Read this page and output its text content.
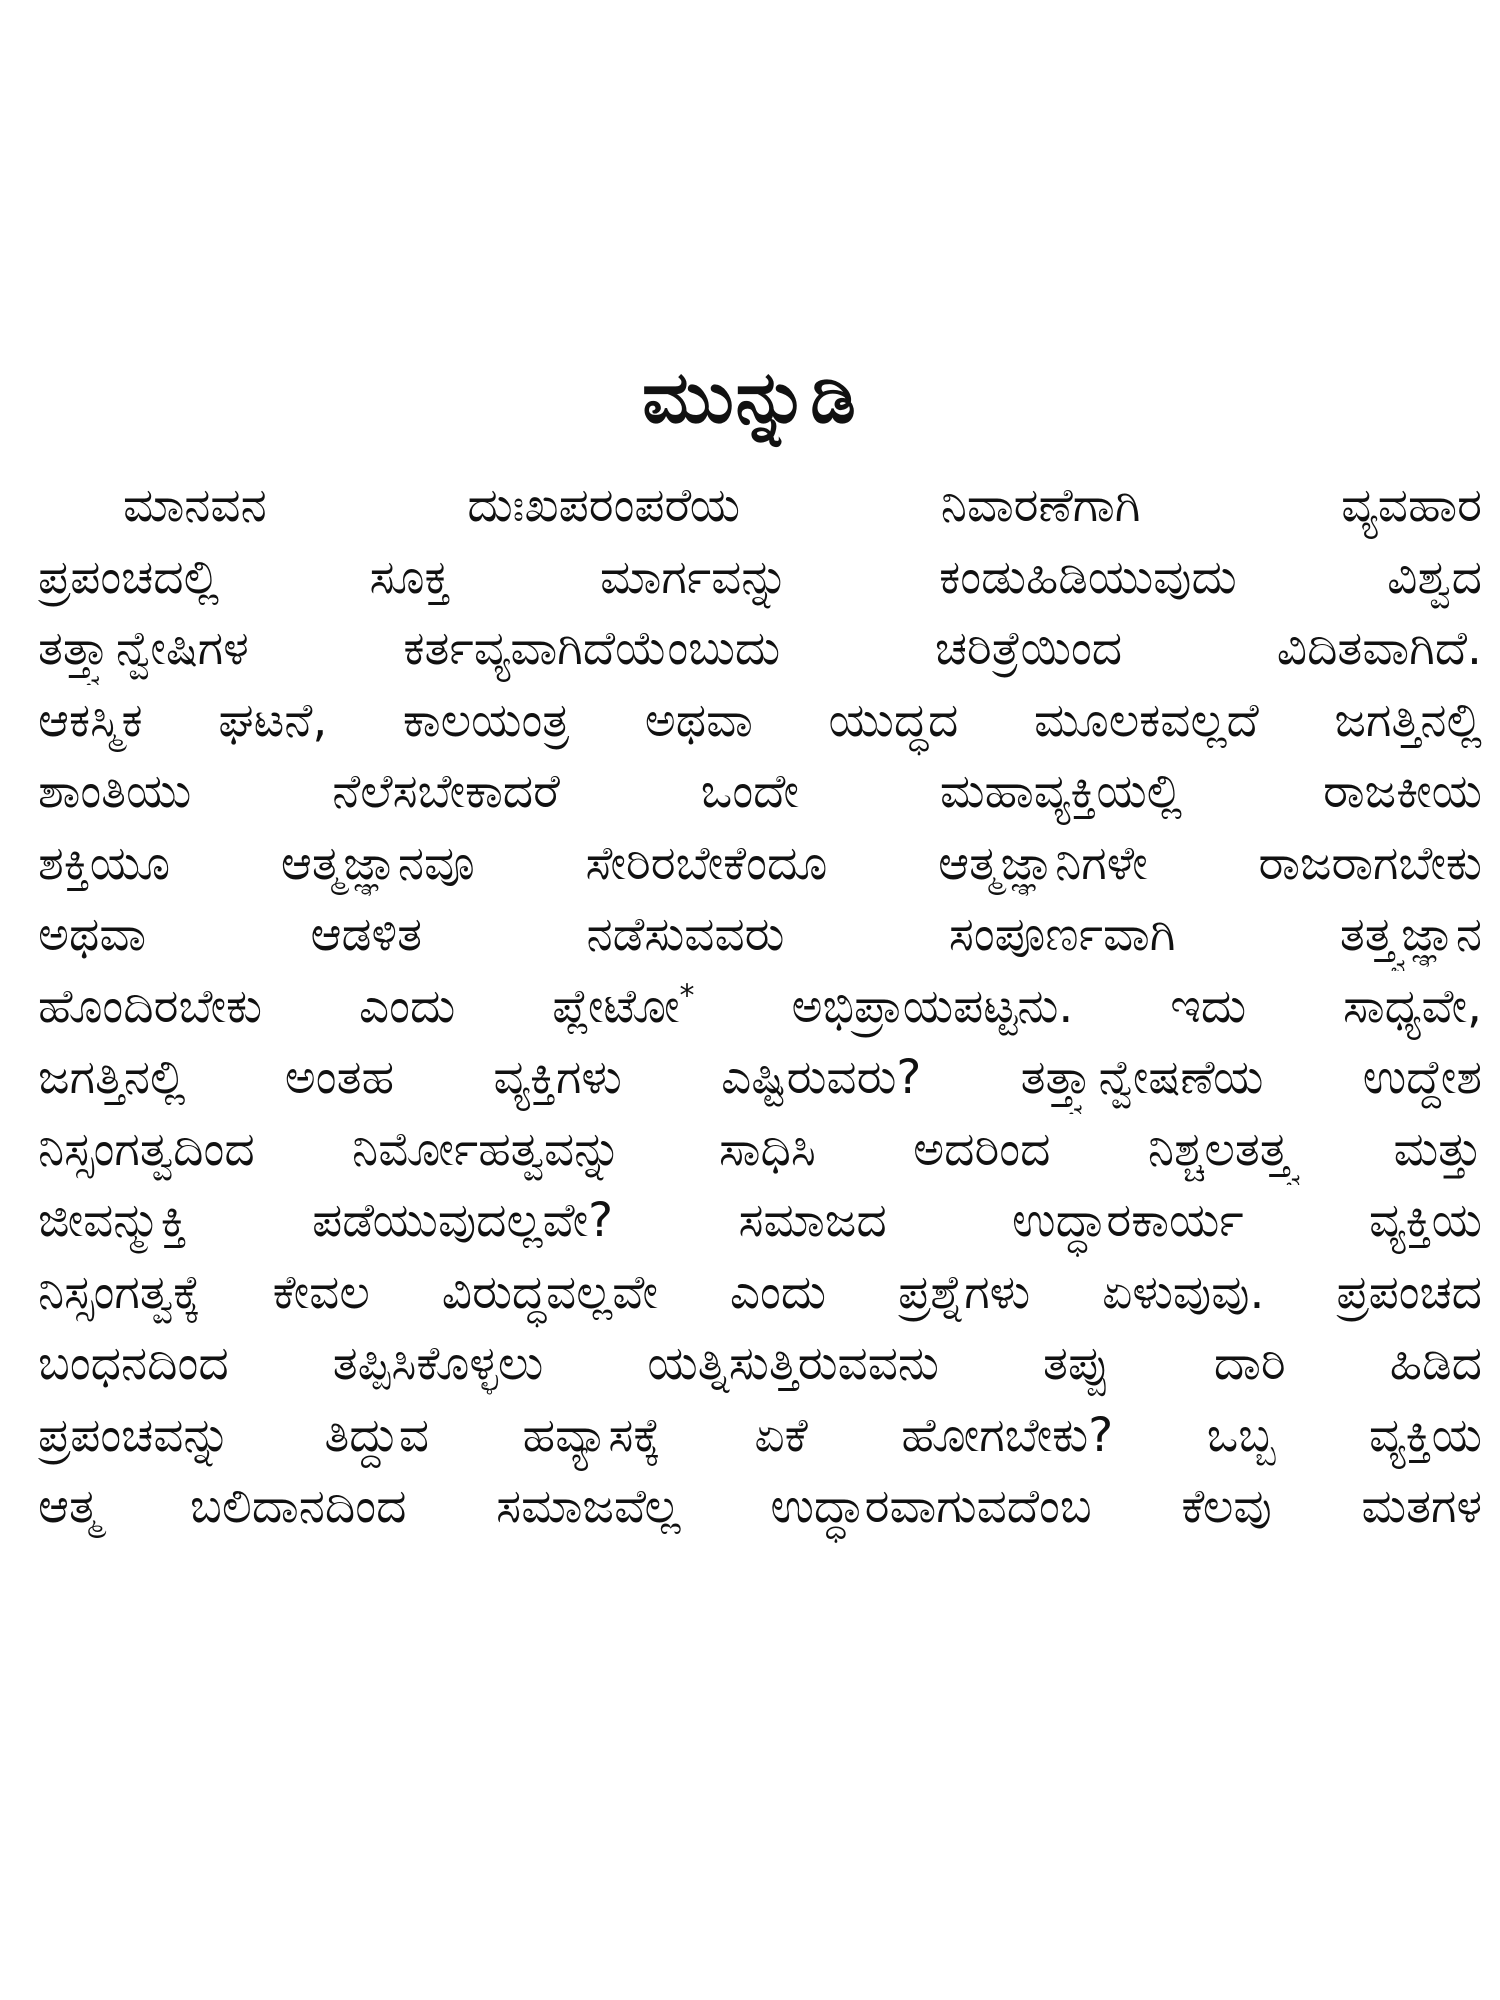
ಮುನ್ನುಡಿ
ಮಾನವನ ದುಃಖಪರಂಪರೆಯ ನಿವಾರಣೆಗಾಗಿ ವ್ಯವಹಾರ
ಪ್ರಪಂಚದಲ್ಲಿ ಸೂಕ್ತ ಮಾರ್ಗವನ್ನು ಕಂಡುಹಿಡಿಯುವುದು ವಿಶ್ವದ
ತತ್ತ್ವಾನ್ವೇಷಿಗಳ ಕರ್ತವ್ಯವಾಗಿದೆಯೆಂಬುದು ಚರಿತ್ರೆಯಿಂದ ವಿದಿತವಾಗಿದೆ.
ಆಕಸ್ಮಿಕ ಘಟನೆ, ಕಾಲಯಂತ್ರ ಅಥವಾ ಯುದ್ಧದ ಮೂಲಕವಲ್ಲದೆ ಜಗತ್ತಿನಲ್ಲಿ
ಶಾಂತಿಯು ನೆಲೆಸಬೇಕಾದರೆ ಒಂದೇ ಮಹಾವ್ಯಕ್ತಿಯಲ್ಲಿ ರಾಜಕೀಯ
ಶಕ್ತಿಯೂ ಆತ್ಮಜ್ಞಾನವೂ ಸೇರಿರಬೇಕೆಂದೂ ಆತ್ಮಜ್ಞಾನಿಗಳೇ ರಾಜರಾಗಬೇಕು
ಅಥವಾ ಆಡಳಿತ ನಡೆಸುವವರು ಸಂಪೂರ್ಣವಾಗಿ ತತ್ತ್ವಜ್ಞಾನ
ಹೊಂದಿರಬೇಕು ಎಂದು ಪ್ಲೇಟೋ* ಅಭಿಪ್ರಾಯಪಟ್ಟನು. ಇದು ಸಾಧ್ಯವೇ,
ಜಗತ್ತಿನಲ್ಲಿ ಅಂತಹ ವ್ಯಕ್ತಿಗಳು ಎಷ್ಟಿರುವರು? ತತ್ತ್ವಾನ್ವೇಷಣೆಯ ಉದ್ದೇಶ
ನಿಸ್ಸಂಗತ್ವದಿಂದ ನಿರ್ಮೋಹತ್ವವನ್ನು ಸಾಧಿಸಿ ಅದರಿಂದ ನಿಶ್ಚಲತತ್ತ್ವ ಮತ್ತು
ಜೀವನ್ಮುಕ್ತಿ ಪಡೆಯುವುದಲ್ಲವೇ? ಸಮಾಜದ ಉದ್ಧಾರಕಾರ್ಯ ವ್ಯಕ್ತಿಯ
ನಿಸ್ಸಂಗತ್ವಕ್ಕೆ ಕೇವಲ ವಿರುದ್ಧವಲ್ಲವೇ ಎಂದು ಪ್ರಶ್ನೆಗಳು ಏಳುವುವು. ಪ್ರಪಂಚದ
ಬಂಧನದಿಂದ ತಪ್ಪಿಸಿಕೊಳ್ಳಲು ಯತ್ನಿಸುತ್ತಿರುವವನು ತಪ್ಪು ದಾರಿ ಹಿಡಿದ
ಪ್ರಪಂಚವನ್ನು ತಿದ್ದುವ ಹವ್ಯಾಸಕ್ಕೆ ಏಕೆ ಹೋಗಬೇಕು? ಒಬ್ಬ ವ್ಯಕ್ತಿಯ
ಆತ್ಮ ಬಲಿದಾನದಿಂದ ಸಮಾಜವೆಲ್ಲ ಉದ್ಧಾರವಾಗುವದೆಂಬ ಕೆಲವು ಮತಗಳ
